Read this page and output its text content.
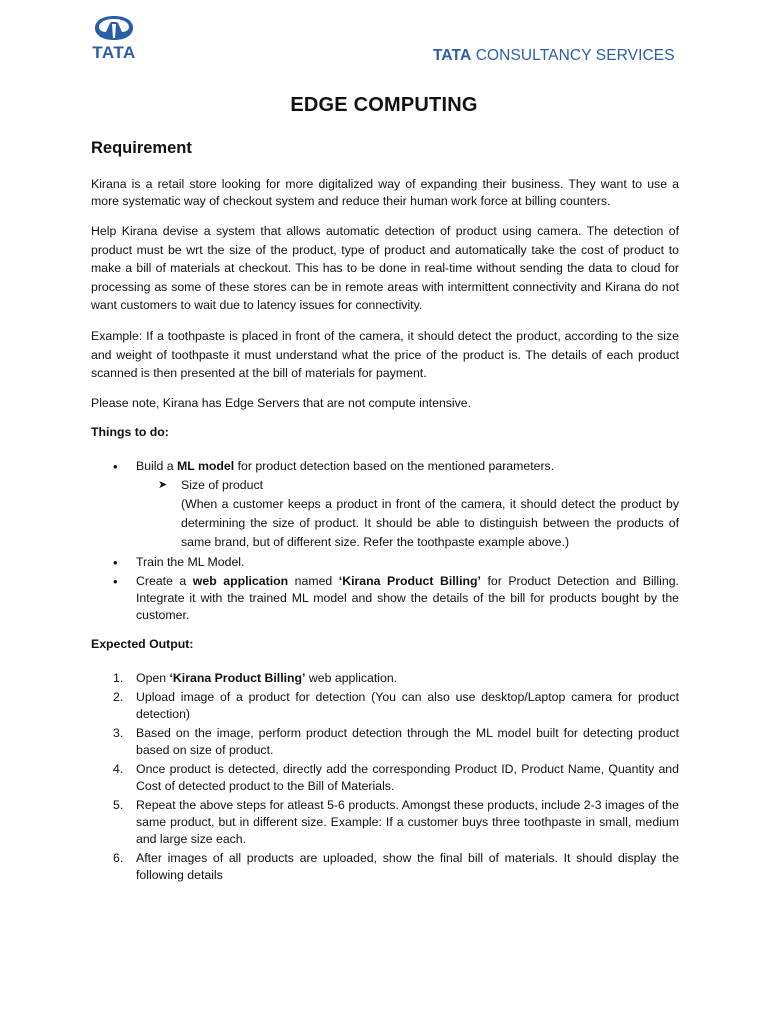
TATA	TATA CONSULTANCY SERVICES
EDGE COMPUTING
Requirement

Kirana is a retail store looking for more digitalized way of expanding their business. They want to use a more systematic way of checkout system and reduce their human work force at billing counters.

Help Kirana devise a system that allows automatic detection of product using camera. The detection of product must be wrt the size of the product, type of product and automatically take the cost of product to make a bill of materials at checkout. This has to be done in real-time without sending the data to cloud for processing as some of these stores can be in remote areas with intermittent connectivity and Kirana do not want customers to wait due to latency issues for connectivity.

Example: If a toothpaste is placed in front of the camera, it should detect the product, according to the size and weight of toothpaste it must understand what the price of the product is. The details of each product scanned is then presented at the bill of materials for payment.

Please note, Kirana has Edge Servers that are not compute intensive.

Things to do:
• Build a ML model for product detection based on the mentioned parameters.
➤ Size of product
(When a customer keeps a product in front of the camera, it should detect the product by determining the size of product. It should be able to distinguish between the products of same brand, but of different size. Refer the toothpaste example above.)
• Train the ML Model.
• Create a web application named ‘Kirana Product Billing’ for Product Detection and Billing. Integrate it with the trained ML model and show the details of the bill for products bought by the customer.
Expected Output:
1. Open ‘Kirana Product Billing’ web application.
2. Upload image of a product for detection (You can also use desktop/Laptop camera for product detection)
3. Based on the image, perform product detection through the ML model built for detecting product based on size of product.
4. Once product is detected, directly add the corresponding Product ID, Product Name, Quantity and Cost of detected product to the Bill of Materials.
5. Repeat the above steps for atleast 5-6 products. Amongst these products, include 2-3 images of the same product, but in different size. Example: If a customer buys three toothpaste in small, medium and large size each.
6. After images of all products are uploaded, show the final bill of materials. It should display the following details
